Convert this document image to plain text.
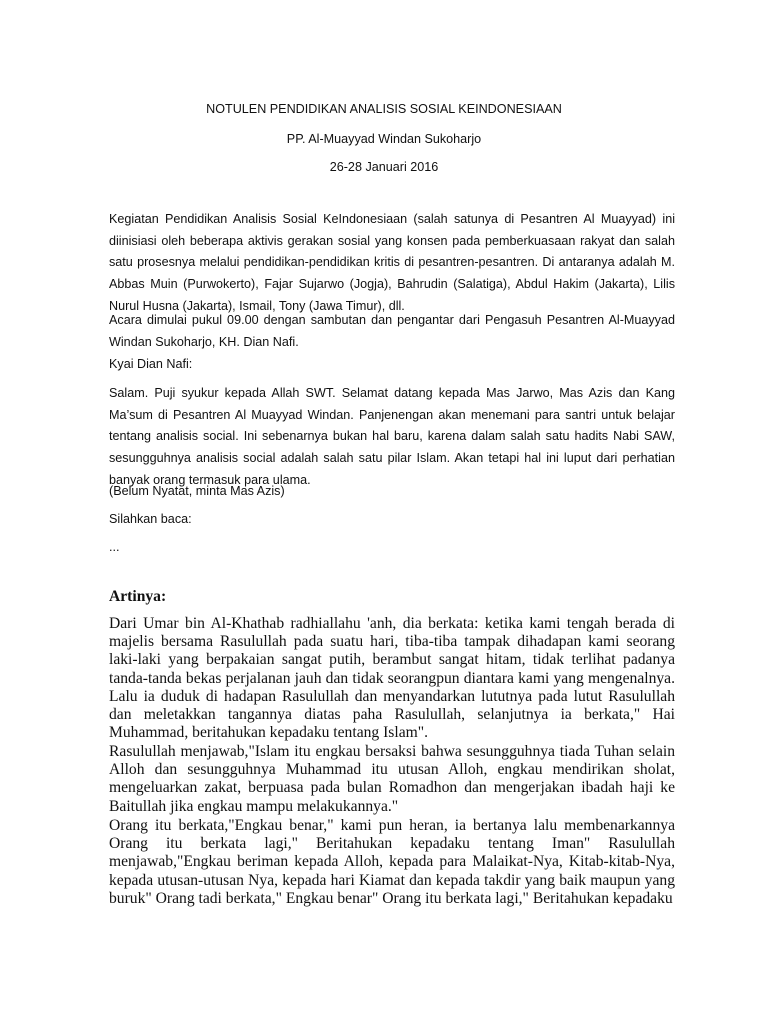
NOTULEN PENDIDIKAN ANALISIS SOSIAL KEINDONESIAAN
PP. Al-Muayyad Windan Sukoharjo
26-28 Januari 2016

Kegiatan Pendidikan Analisis Sosial KeIndonesiaan (salah satunya di Pesantren Al Muayyad) ini diinisiasi oleh beberapa aktivis gerakan sosial yang konsen pada pemberkuasaan rakyat dan salah satu prosesnya melalui pendidikan-pendidikan kritis di pesantren-pesantren. Di antaranya adalah M. Abbas Muin (Purwokerto), Fajar Sujarwo (Jogja), Bahrudin (Salatiga), Abdul Hakim (Jakarta), Lilis Nurul Husna (Jakarta), Ismail, Tony (Jawa Timur), dll.

Acara dimulai pukul 09.00 dengan sambutan dan pengantar dari Pengasuh Pesantren Al-Muayyad Windan Sukoharjo, KH. Dian Nafi.

Kyai Dian Nafi:

Salam. Puji syukur kepada Allah SWT. Selamat datang kepada Mas Jarwo, Mas Azis dan Kang Ma’sum di Pesantren Al Muayyad Windan. Panjenengan akan menemani para santri untuk belajar tentang analisis social. Ini sebenarnya bukan hal baru, karena dalam salah satu hadits Nabi SAW, sesungguhnya analisis social adalah salah satu pilar Islam. Akan tetapi hal ini luput dari perhatian banyak orang termasuk para ulama.

(Belum Nyatat, minta Mas Azis)

Silahkan baca:

...

Artinya:

Dari Umar bin Al-Khathab radhiallahu 'anh, dia berkata: ketika kami tengah berada di majelis bersama Rasulullah pada suatu hari, tiba-tiba tampak dihadapan kami seorang laki-laki yang berpakaian sangat putih, berambut sangat hitam, tidak terlihat padanya tanda-tanda bekas perjalanan jauh dan tidak seorangpun diantara kami yang mengenalnya. Lalu ia duduk di hadapan Rasulullah dan menyandarkan lututnya pada lutut Rasulullah dan meletakkan tangannya diatas paha Rasulullah, selanjutnya ia berkata," Hai Muhammad, beritahukan kepadaku tentang Islam".

Rasulullah menjawab,"Islam itu engkau bersaksi bahwa sesungguhnya tiada Tuhan selain Alloh dan sesungguhnya Muhammad itu utusan Alloh, engkau mendirikan sholat, mengeluarkan zakat, berpuasa pada bulan Romadhon dan mengerjakan ibadah haji ke Baitullah jika engkau mampu melakukannya."

Orang itu berkata,"Engkau benar," kami pun heran, ia bertanya lalu membenarkannya Orang itu berkata lagi," Beritahukan kepadaku tentang Iman" Rasulullah menjawab,"Engkau beriman kepada Alloh, kepada para Malaikat-Nya, Kitab-kitab-Nya, kepada utusan-utusan Nya, kepada hari Kiamat dan kepada takdir yang baik maupun yang buruk" Orang tadi berkata," Engkau benar" Orang itu berkata lagi," Beritahukan kepadaku
